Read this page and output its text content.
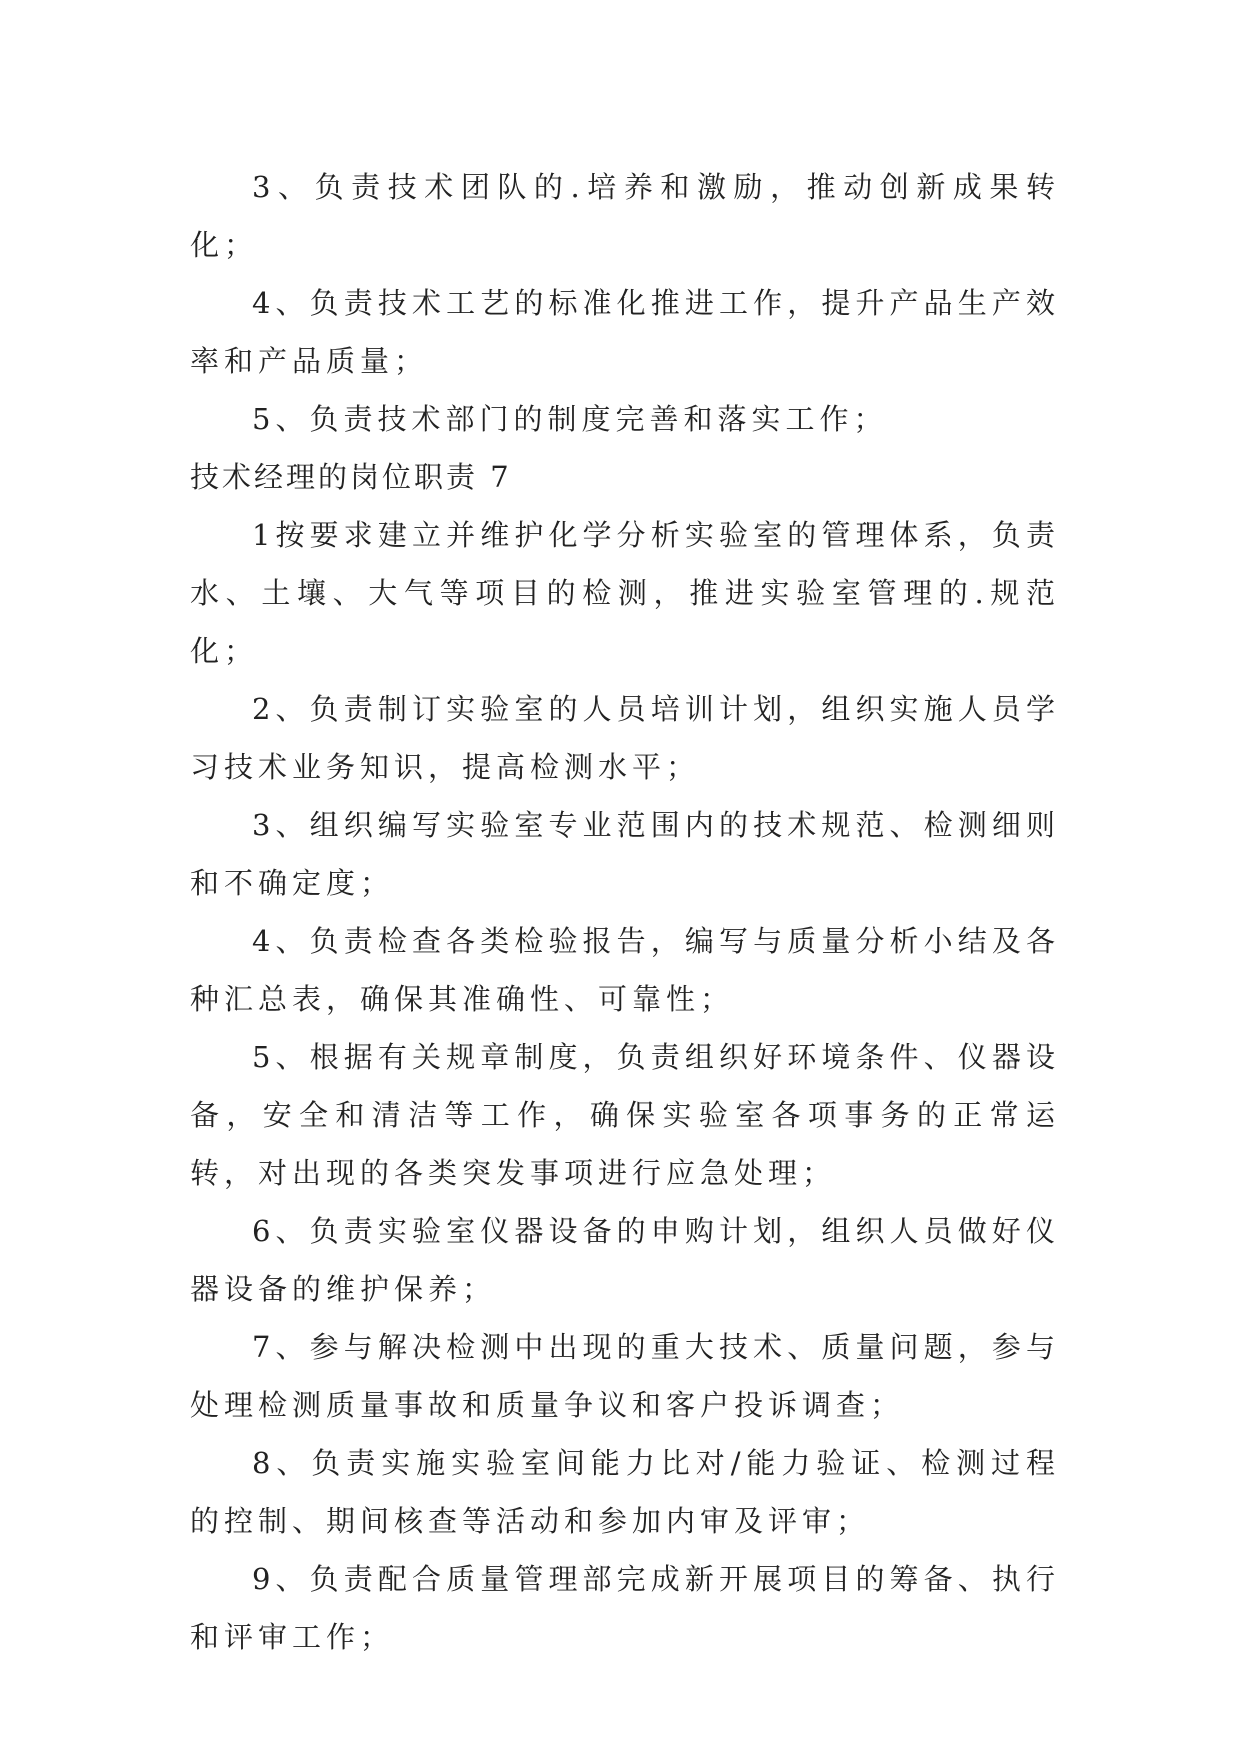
3、负责技术团队的.培养和激励，推动创新成果转化；

4、负责技术工艺的标准化推进工作，提升产品生产效率和产品质量；

5、负责技术部门的制度完善和落实工作；

技术经理的岗位职责 7

1按要求建立并维护化学分析实验室的管理体系，负责水、土壤、大气等项目的检测，推进实验室管理的.规范化；

2、负责制订实验室的人员培训计划，组织实施人员学习技术业务知识，提高检测水平；

3、组织编写实验室专业范围内的技术规范、检测细则和不确定度；

4、负责检查各类检验报告，编写与质量分析小结及各种汇总表，确保其准确性、可靠性；

5、根据有关规章制度，负责组织好环境条件、仪器设备，安全和清洁等工作，确保实验室各项事务的正常运转，对出现的各类突发事项进行应急处理；

6、负责实验室仪器设备的申购计划，组织人员做好仪器设备的维护保养；

7、参与解决检测中出现的重大技术、质量问题，参与处理检测质量事故和质量争议和客户投诉调查；

8、负责实施实验室间能力比对/能力验证、检测过程的控制、期间核查等活动和参加内审及评审；

9、负责配合质量管理部完成新开展项目的筹备、执行和评审工作；
